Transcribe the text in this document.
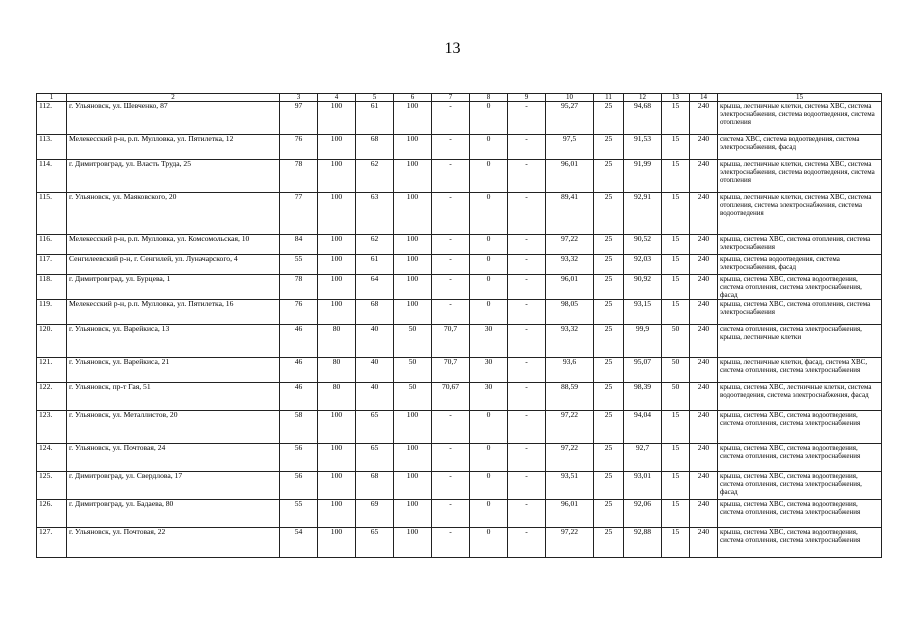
13
1	2	3	4	5	6	7	8	9	10	11	12	13	14	15
112.	г. Ульяновск, ул. Шевченко, 87	97	100	61	100	-	0	-	95,27	25	94,68	15	240	крыша, лестничные клетки, система ХВС, система электроснабжения, система водоотведения, система отопления
113.	Мелекесский р-н, р.п. Мулловка, ул. Пятилетка, 12	76	100	68	100	-	0	-	97,5	25	91,53	15	240	система ХВС, система водоотведения, система электроснабжения, фасад
114.	г. Димитровград, ул. Власть Труда, 25	78	100	62	100	-	0	-	96,01	25	91,99	15	240	крыша, лестничные клетки, система ХВС, система электроснабжения, система водоотведения, система отопления
115.	г. Ульяновск, ул. Маяковского, 20	77	100	63	100	-	0	-	89,41	25	92,91	15	240	крыша, лестничные клетки, система ХВС, система отопления, система электроснабжения, система водоотведения
116.	Мелекесский р-н, р.п. Мулловка, ул. Комсомольская, 10	84	100	62	100	-	0	-	97,22	25	90,52	15	240	крыша, система ХВС, система отопления, система электроснабжения
117.	Сенгилеевский р-н, г. Сенгилей, ул. Луначарского, 4	55	100	61	100	-	0	-	93,32	25	92,03	15	240	крыша, система водоотведения, система электроснабжения, фасад
118.	г. Димитровград, ул. Бурцева, 1	78	100	64	100	-	0	-	96,01	25	90,92	15	240	крыша, система ХВС, система водоотведения, система отопления, система электроснабжения, фасад
119.	Мелекесский р-н, р.п. Мулловка, ул. Пятилетка, 16	76	100	68	100	-	0	-	98,05	25	93,15	15	240	крыша, система ХВС, система отопления, система электроснабжения
120.	г. Ульяновск, ул. Варейкиса, 13	46	80	40	50	70,7	30	-	93,32	25	99,9	50	240	система отопления, система электроснабжения, крыша, лестничные клетки
121.	г. Ульяновск, ул. Варейкиса, 21	46	80	40	50	70,7	30	-	93,6	25	95,07	50	240	крыша, лестничные клетки, фасад, система ХВС, система отопления, система электроснабжения
122.	г. Ульяновск, пр-т Гая, 51	46	80	40	50	70,67	30	-	88,59	25	98,39	50	240	крыша, система ХВС, лестничные клетки, система водоотведения, система электроснабжения, фасад
123.	г. Ульяновск, ул. Металлистов, 20	58	100	65	100	-	0	-	97,22	25	94,04	15	240	крыша, система ХВС, система водоотведения, система отопления, система электроснабжения
124.	г. Ульяновск, ул. Почтовая, 24	56	100	65	100	-	0	-	97,22	25	92,7	15	240	крыша, система ХВС, система водоотведения, система отопления, система электроснабжения
125.	г. Димитровград, ул. Свердлова, 17	56	100	68	100	-	0	-	93,51	25	93,01	15	240	крыша, система ХВС, система водоотведения, система отопления, система электроснабжения, фасад
126.	г. Димитровград, ул. Бадаева, 80	55	100	69	100	-	0	-	96,01	25	92,06	15	240	крыша, система ХВС, система водоотведения, система отопления, система электроснабжения
127.	г. Ульяновск, ул. Почтовая, 22	54	100	65	100	-	0	-	97,22	25	92,88	15	240	крыша, система ХВС, система водоотведения, система отопления, система электроснабжения
